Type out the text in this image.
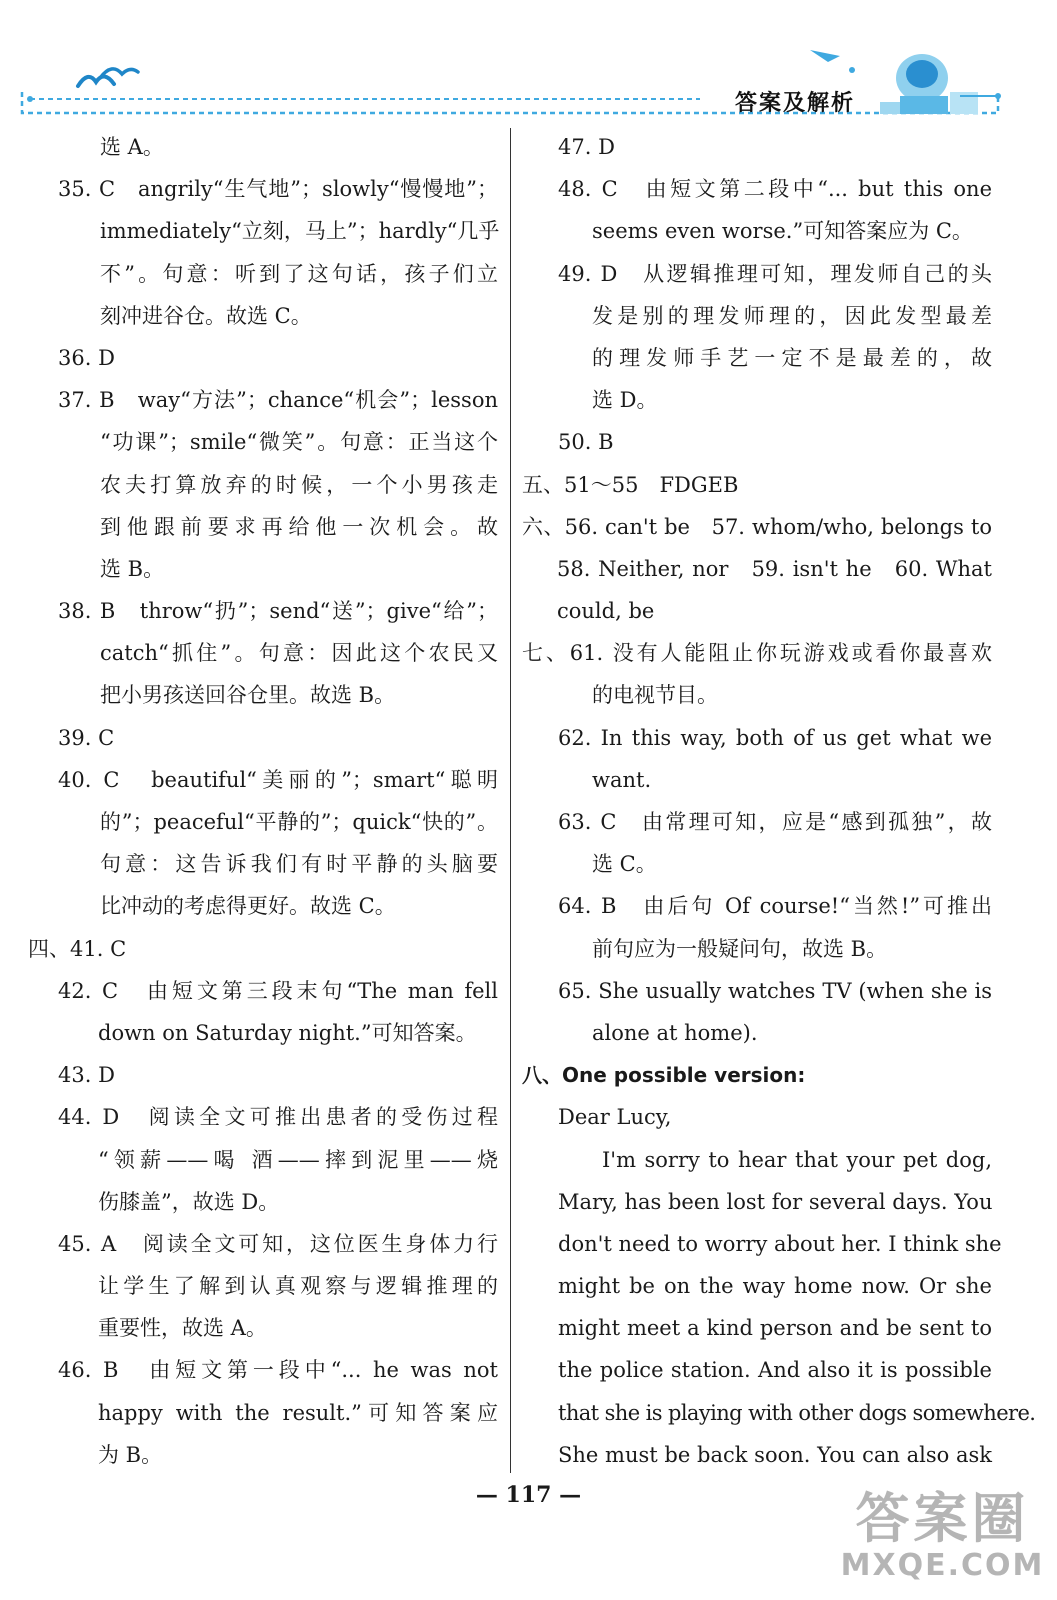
答案及解析
选 A。
35. C　angrily“生气地”；slowly“慢慢地”；
immediately“立刻，马上”；hardly“几乎
不”。句意：听到了这句话，孩子们立
刻冲进谷仓。故选 C。
36. D
37. B　way“方法”；chance“机会”；lesson
“功课”；smile“微笑”。句意：正当这个
农夫打算放弃的时候，一个小男孩走
到他跟前要求再给他一次机会。故
选 B。
38. B　throw“扔”；send“送”；give“给”；
catch“抓住”。句意：因此这个农民又
把小男孩送回谷仓里。故选 B。
39. C
40. C　beautiful“美丽的”；smart“聪明
的”；peaceful“平静的”；quick“快的”。
句意：这告诉我们有时平静的头脑要
比冲动的考虑得更好。故选 C。
四、41. C
42. C　由短文第三段末句“The man fell
down on Saturday night.”可知答案。
43. D
44. D　阅读全文可推出患者的受伤过程
“领薪——喝 酒——摔到泥里——烧
伤膝盖”，故选 D。
45. A　阅读全文可知，这位医生身体力行
让学生了解到认真观察与逻辑推理的
重要性，故选 A。
46. B　由短文第一段中“... he was not
happy with the result.”可知答案应
为 B。
47. D
48. C　由短文第二段中“... but this one
seems even worse.”可知答案应为 C。
49. D　从逻辑推理可知，理发师自己的头
发是别的理发师理的，因此发型最差
的理发师手艺一定不是最差的，故
选 D。
50. B
五、51～55　FDGEB
六、56. can't be　57. whom/who, belongs to
58. Neither, nor　59. isn't he　60. What
could, be
七、61. 没有人能阻止你玩游戏或看你最喜欢
的电视节目。
62. In this way, both of us get what we
want.
63. C　由常理可知，应是“感到孤独”，故
选 C。
64. B　由后句 Of course!“当然!”可推出
前句应为一般疑问句，故选 B。
65. She usually watches TV (when she is
alone at home).
八、One possible version:
Dear Lucy,
I'm sorry to hear that your pet dog,
Mary, has been lost for several days. You
don't need to worry about her. I think she
might be on the way home now. Or she
might meet a kind person and be sent to
the police station. And also it is possible
that she is playing with other dogs somewhere.
She must be back soon. You can also ask
— 117 —	答案圈
MXQE.COM
